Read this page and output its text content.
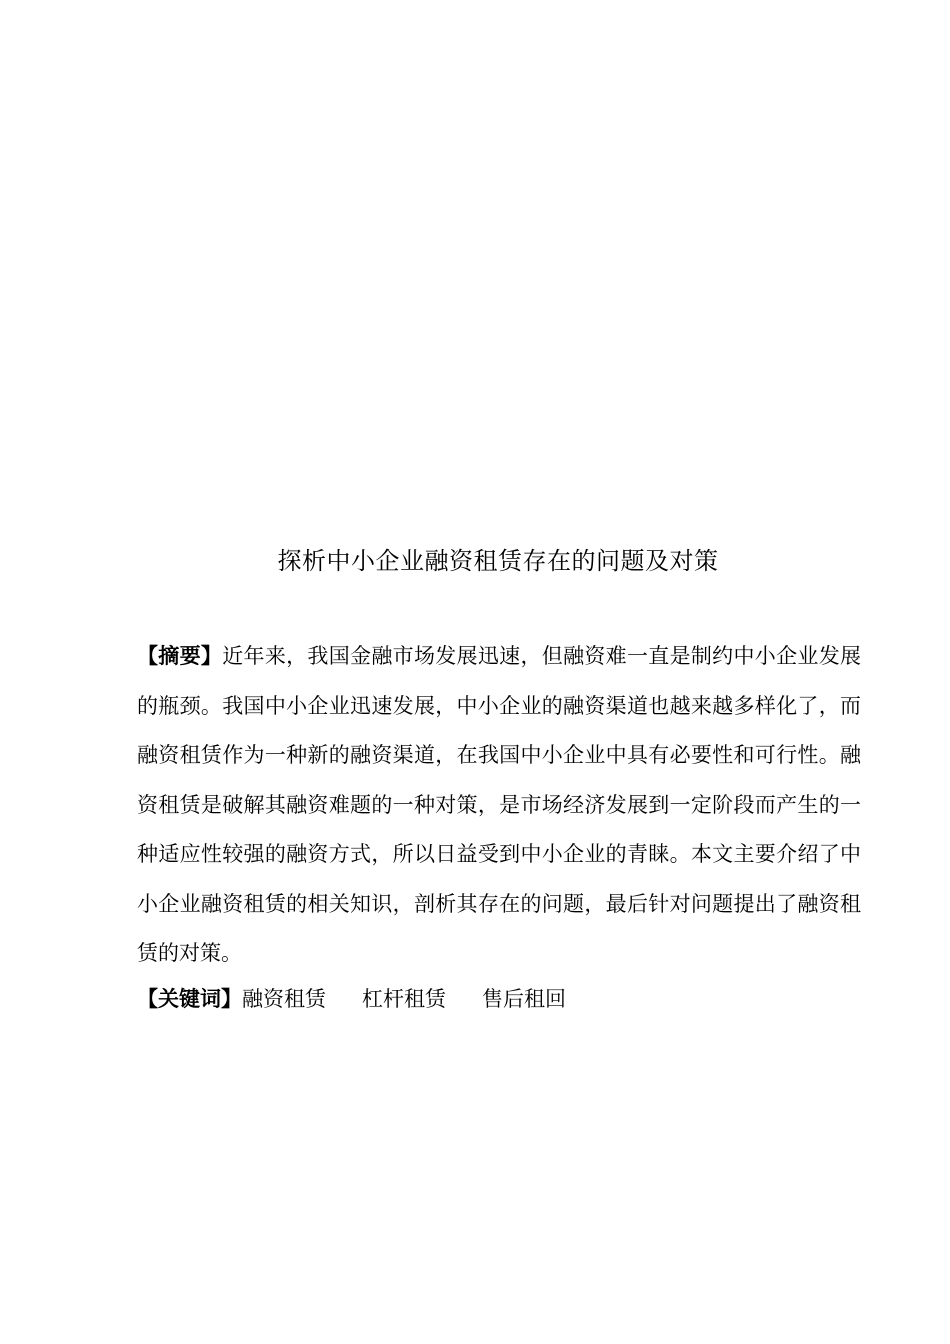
探析中小企业融资租赁存在的问题及对策
【摘要】近年来，我国金融市场发展迅速，但融资难一直是制约中小企业发展的瓶颈。我国中小企业迅速发展，中小企业的融资渠道也越来越多样化了，而融资租赁作为一种新的融资渠道，在我国中小企业中具有必要性和可行性。融资租赁是破解其融资难题的一种对策，是市场经济发展到一定阶段而产生的一种适应性较强的融资方式，所以日益受到中小企业的青睐。本文主要介绍了中小企业融资租赁的相关知识，剖析其存在的问题，最后针对问题提出了融资租赁的对策。
【关键词】融资租赁 杠杆租赁 售后租回
